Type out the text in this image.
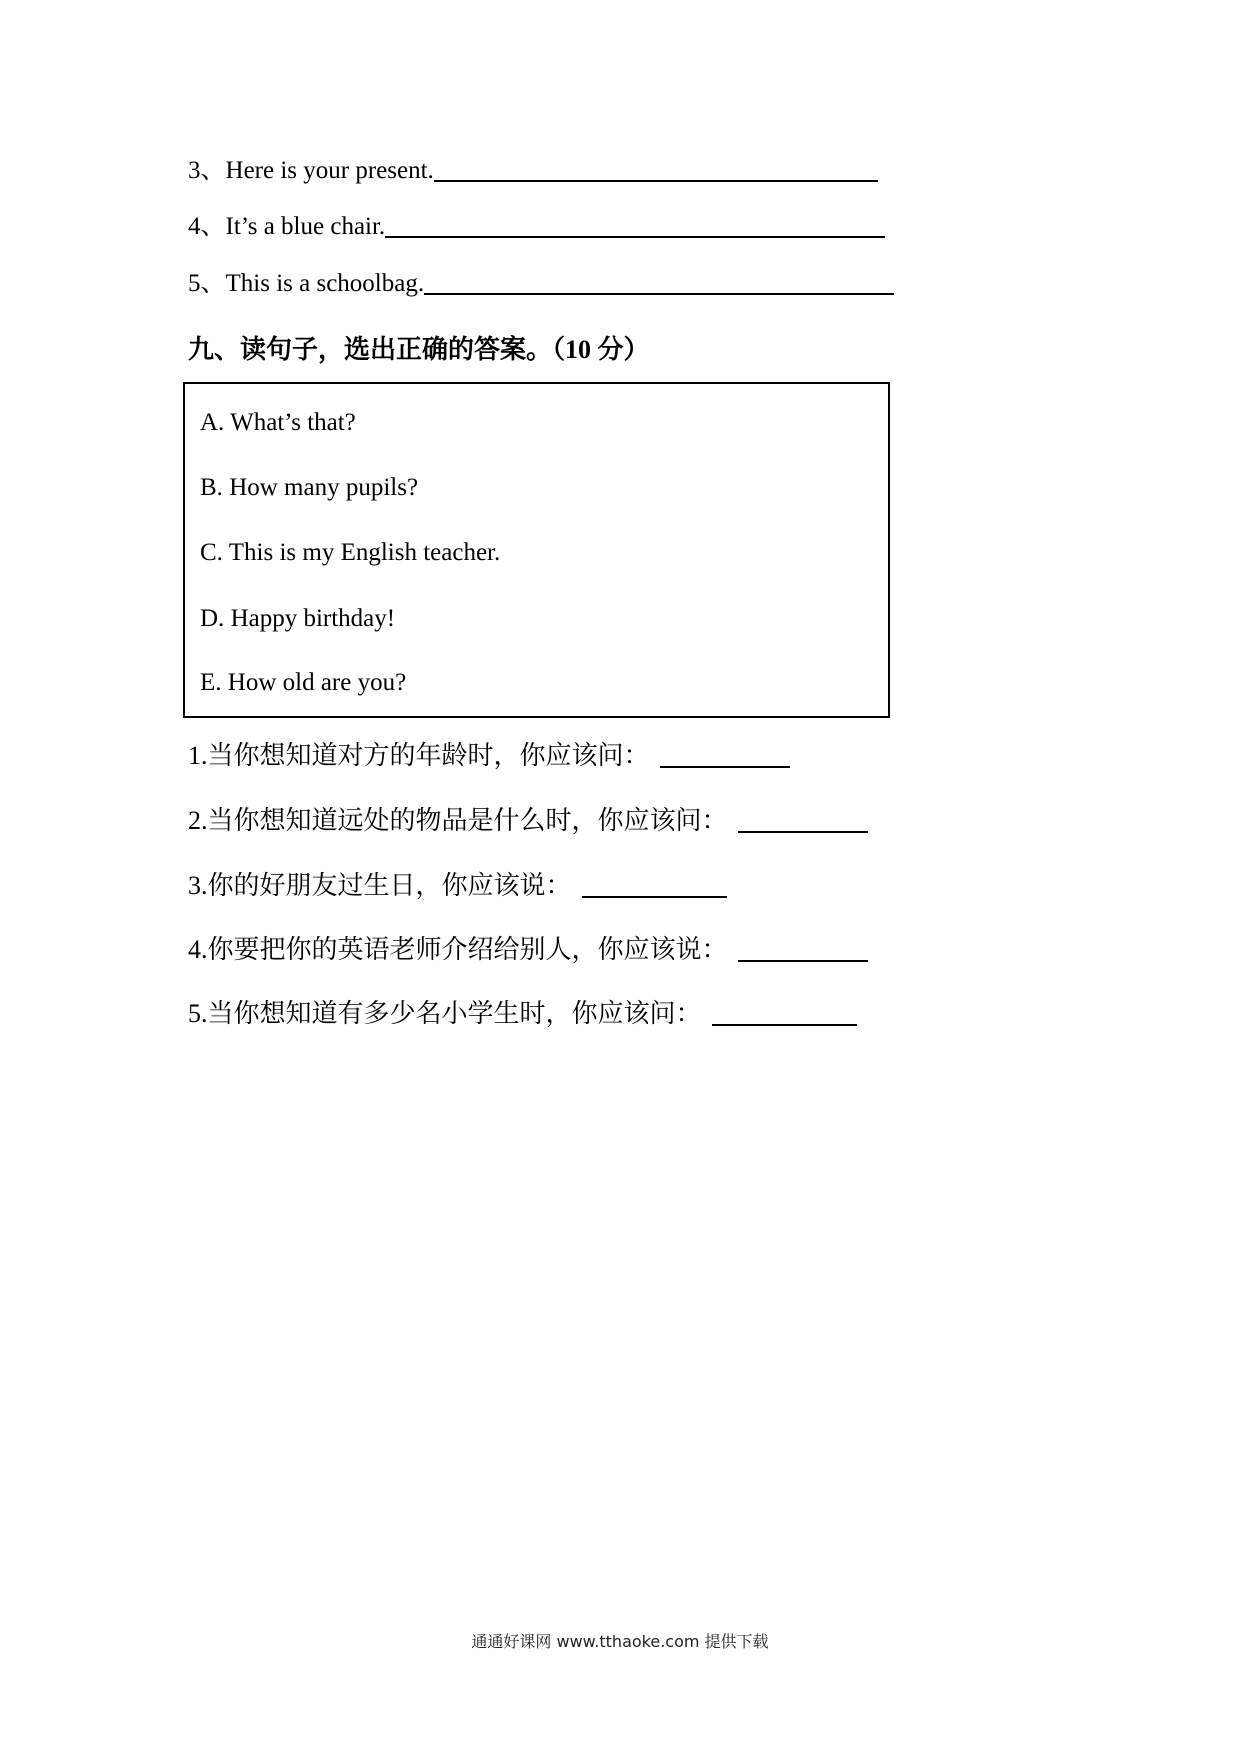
3、Here is your present.
4、It’s a blue chair.
5、This is a schoolbag.
九、读句子，选出正确的答案。（10 分）
A. What’s that?
B. How many pupils?
C. This is my English teacher.
D. Happy birthday!
E. How old are you?
1.当你想知道对方的年龄时，你应该问：
2.当你想知道远处的物品是什么时，你应该问：
3.你的好朋友过生日，你应该说：
4.你要把你的英语老师介绍给别人，你应该说：
5.当你想知道有多少名小学生时，你应该问：
通通好课网 www.tthaoke.com 提供下载
